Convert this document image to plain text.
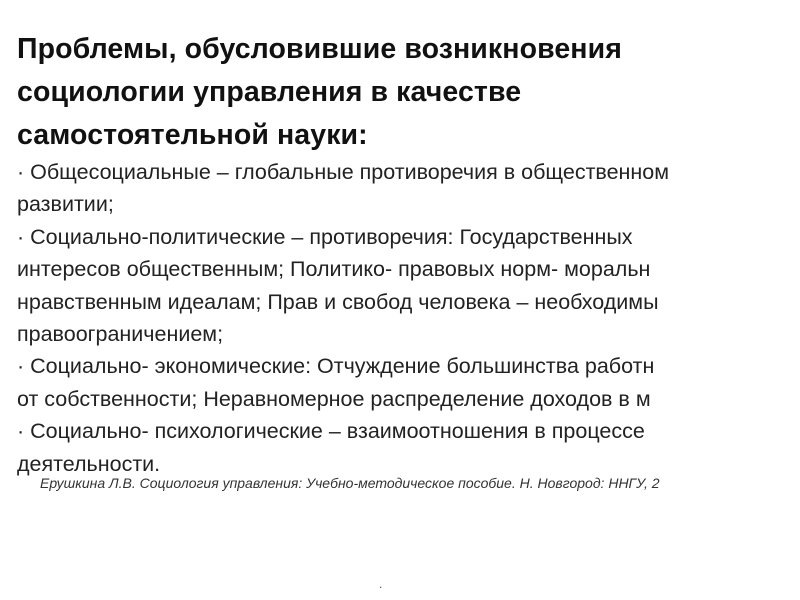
Проблемы, обусловившие возникновения
социологии управления в качестве
самостоятельной науки:
· Общесоциальные – глобальные противоречия в общественном
развитии;
· Социально-политические – противоречия: Государственных
интересов общественным; Политико- правовых норм- моральн
нравственным идеалам; Прав и свобод человека – необходимы
правоограничением;
· Социально- экономические: Отчуждение большинства работн
от собственности; Неравномерное распределение доходов в м
· Социально- психологические – взаимоотношения в процессе
деятельности.
Ерушкина Л.В. Социология управления: Учебно-методическое пособие. Н. Новгород: ННГУ, 2
.
